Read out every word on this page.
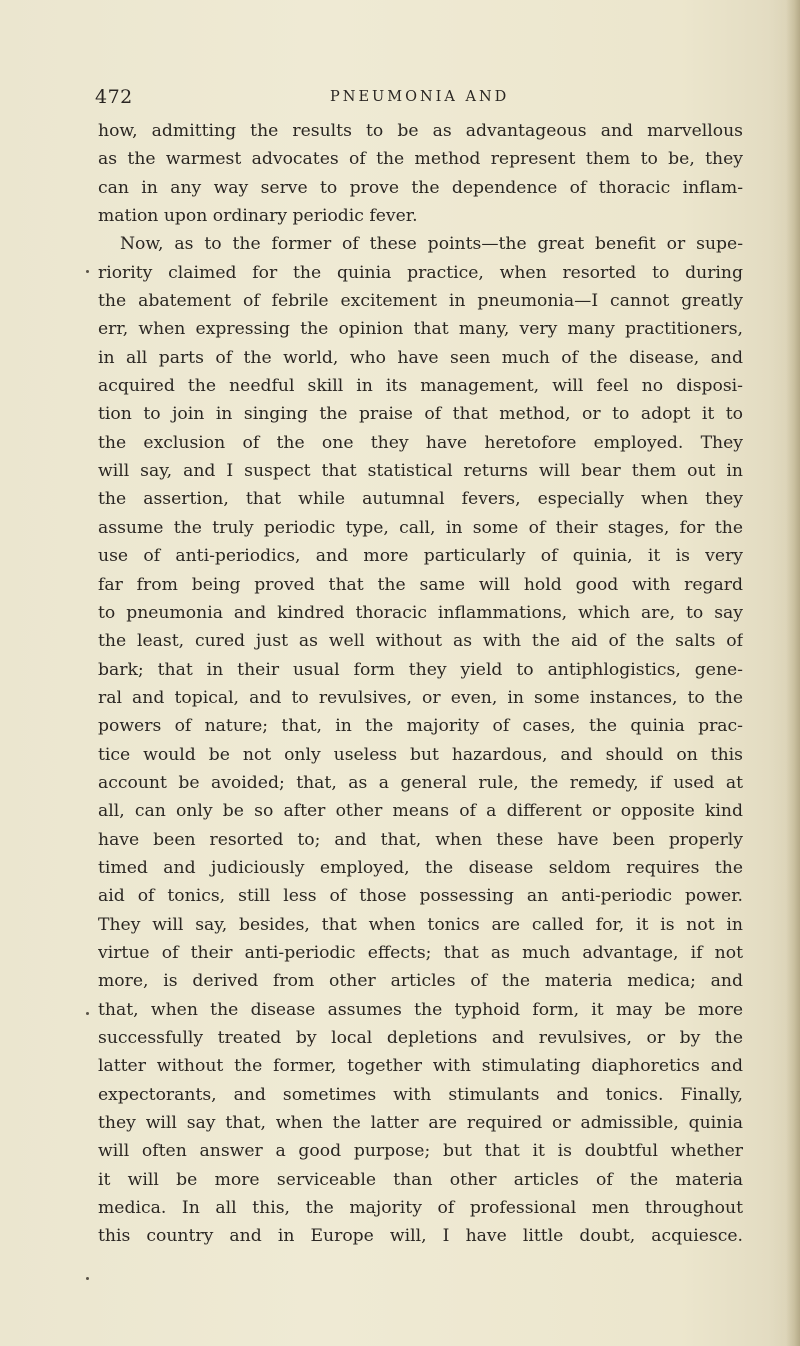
472	PNEUMONIA AND
how, admitting the results to be as advantageous and marvellous
as the warmest advocates of the method represent them to be, they
can in any way serve to prove the dependence of thoracic inflam-
mation upon ordinary periodic fever.
Now, as to the former of these points—the great benefit or supe-
riority claimed for the quinia practice, when resorted to during
the abatement of febrile excitement in pneumonia—I cannot greatly
err, when expressing the opinion that many, very many practitioners,
in all parts of the world, who have seen much of the disease, and
acquired the needful skill in its management, will feel no disposi-
tion to join in singing the praise of that method, or to adopt it to
the exclusion of the one they have heretofore employed. They
will say, and I suspect that statistical returns will bear them out in
the assertion, that while autumnal fevers, especially when they
assume the truly periodic type, call, in some of their stages, for the
use of anti-periodics, and more particularly of quinia, it is very
far from being proved that the same will hold good with regard
to pneumonia and kindred thoracic inflammations, which are, to say
the least, cured just as well without as with the aid of the salts of
bark; that in their usual form they yield to antiphlogistics, gene-
ral and topical, and to revulsives, or even, in some instances, to the
powers of nature; that, in the majority of cases, the quinia prac-
tice would be not only useless but hazardous, and should on this
account be avoided; that, as a general rule, the remedy, if used at
all, can only be so after other means of a different or opposite kind
have been resorted to; and that, when these have been properly
timed and judiciously employed, the disease seldom requires the
aid of tonics, still less of those possessing an anti-periodic power.
They will say, besides, that when tonics are called for, it is not in
virtue of their anti-periodic effects; that as much advantage, if not
more, is derived from other articles of the materia medica; and
that, when the disease assumes the typhoid form, it may be more
successfully treated by local depletions and revulsives, or by the
latter without the former, together with stimulating diaphoretics and
expectorants, and sometimes with stimulants and tonics. Finally,
they will say that, when the latter are required or admissible, quinia
will often answer a good purpose; but that it is doubtful whether
it will be more serviceable than other articles of the materia
medica. In all this, the majority of professional men throughout
this country and in Europe will, I have little doubt, acquiesce.
